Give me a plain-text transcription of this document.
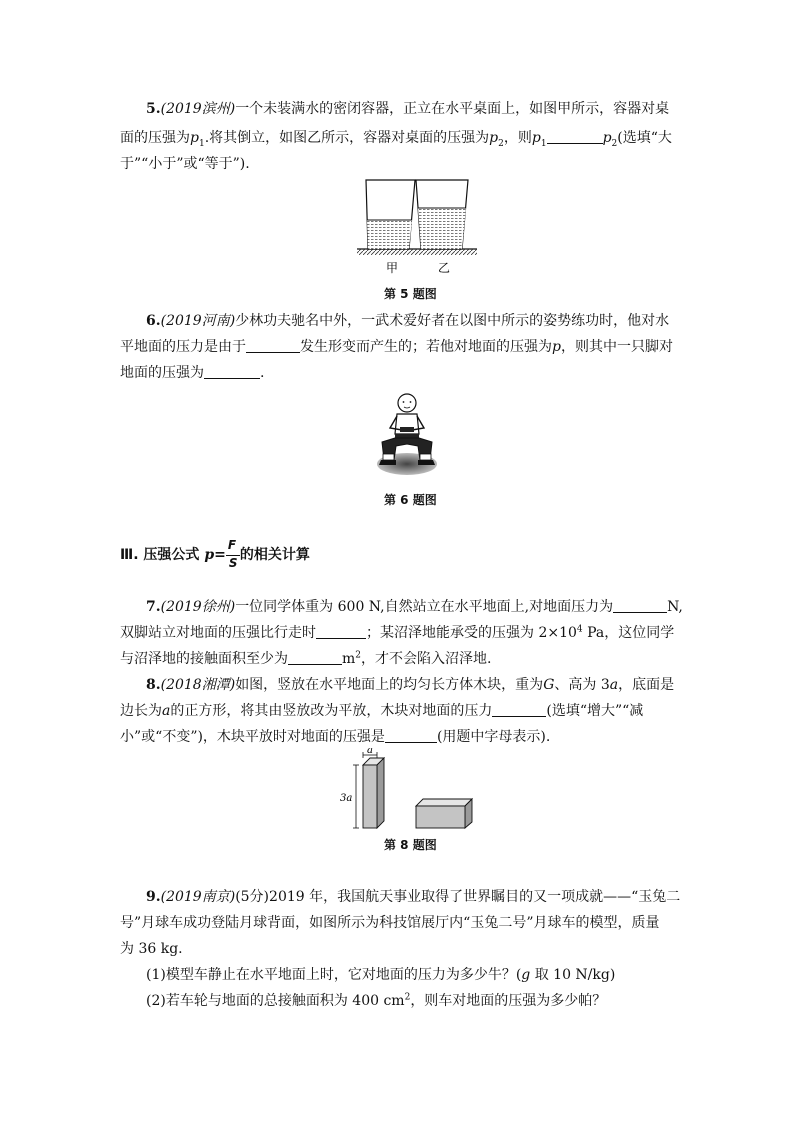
5.(2019滨州)一个未装满水的密闭容器，正立在水平桌面上，如图甲所示，容器对桌
面的压强为$p_1$.将其倒立，如图乙所示，容器对桌面的压强为$p_2$，则$p_1$	$p_2$(选填“大
于”“小于”或“等于”).
甲	乙
第 5 题图
6.(2019河南)少林功夫驰名中外，一武术爱好者在以图中所示的姿势练功时，他对水
平地面的压力是由于	发生形变而产生的；若他对地面的压强为p，则其中一只脚对
地面的压强为	.
第 6 题图
Ⅲ. 压强公式 $p= \frac{F}{S}$ 的相关计算
7.(2019徐州)一位同学体重为 600 N,自然站立在水平地面上,对地面压力为	N,
双脚站立对地面的压强比行走时	；某沼泽地能承受的压强为 $2\times 10^4$ Pa，这位同学
与沼泽地的接触面积至少为	$m^2$，才不会陷入沼泽地.
8.(2018湘潭)如图，竖放在水平地面上的均匀长方体木块，重为G、高为 3a，底面是
边长为a的正方形，将其由竖放改为平放，木块对地面的压力	(选填“增大”“减
小”或“不变”)，木块平放时对地面的压强是	(用题中字母表示).
a
3a
第 8 题图
9.(2019南京)(5分)2019 年，我国航天事业取得了世界瞩目的又一项成就——“玉兔二
号”月球车成功登陆月球背面，如图所示为科技馆展厅内“玉兔二号”月球车的模型，质量
为 36 kg.
(1)模型车静止在水平地面上时，它对地面的压力为多少牛？(g 取 10 N/kg)
(2)若车轮与地面的总接触面积为 400 $cm^2$，则车对地面的压强为多少帕？
